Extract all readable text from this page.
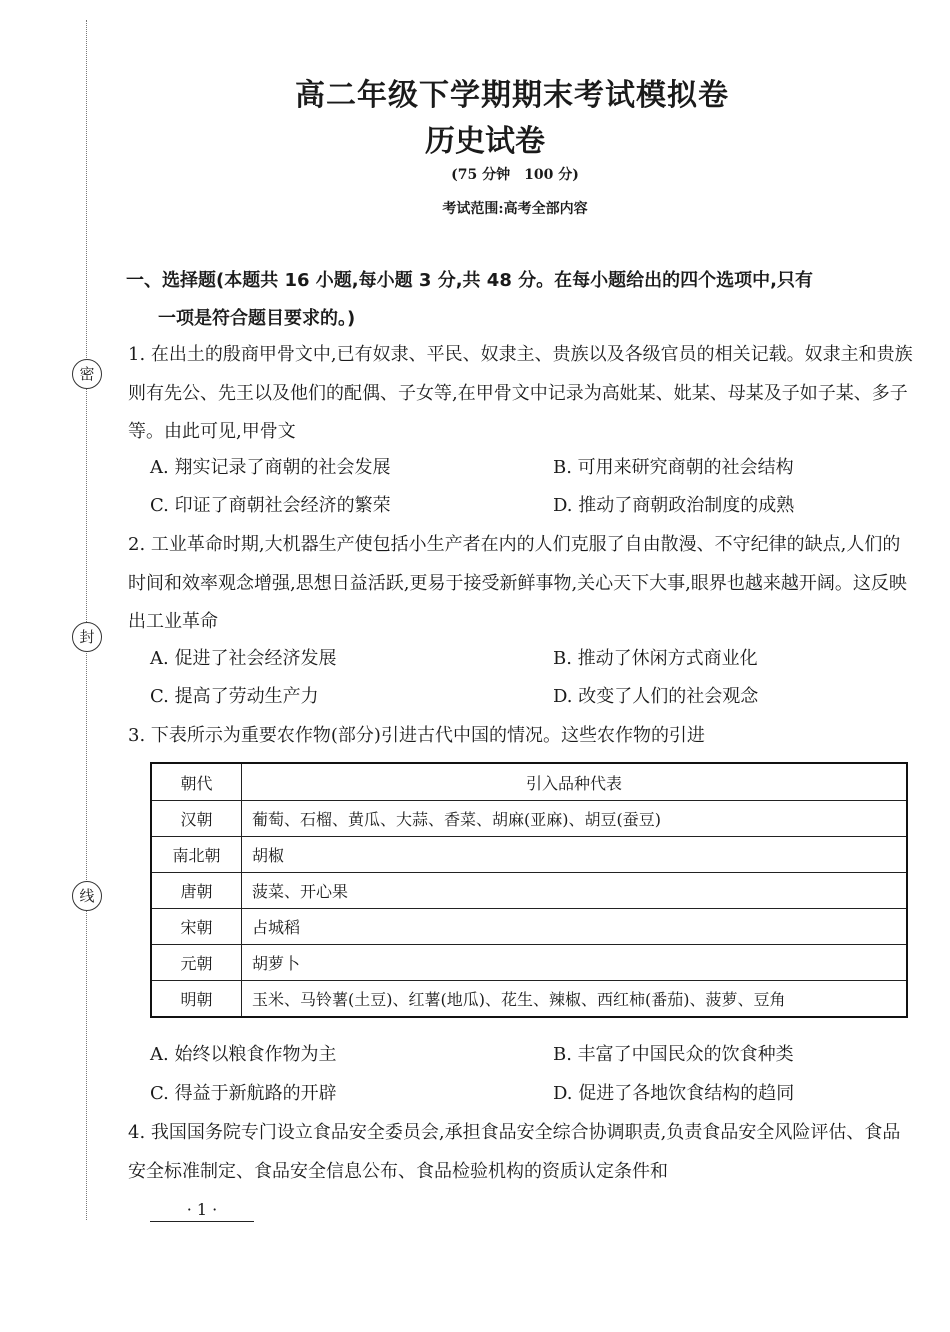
密
封
线
高二年级下学期期末考试模拟卷
历史试卷
(75 分钟　100 分)
考试范围:高考全部内容
一、选择题(本题共 16 小题,每小题 3 分,共 48 分。在每小题给出的四个选项中,只有
一项是符合题目要求的。)
1. 在出土的殷商甲骨文中,已有奴隶、平民、奴隶主、贵族以及各级官员的相关记载。奴隶主和贵族则有先公、先王以及他们的配偶、子女等,在甲骨文中记录为高妣某、妣某、母某及子如子某、多子等。由此可见,甲骨文
A. 翔实记录了商朝的社会发展	B. 可用来研究商朝的社会结构
C. 印证了商朝社会经济的繁荣	D. 推动了商朝政治制度的成熟
2. 工业革命时期,大机器生产使包括小生产者在内的人们克服了自由散漫、不守纪律的缺点,人们的时间和效率观念增强,思想日益活跃,更易于接受新鲜事物,关心天下大事,眼界也越来越开阔。这反映出工业革命
A. 促进了社会经济发展	B. 推动了休闲方式商业化
C. 提高了劳动生产力	D. 改变了人们的社会观念
3. 下表所示为重要农作物(部分)引进古代中国的情况。这些农作物的引进
朝代	引入品种代表
汉朝	葡萄、石榴、黄瓜、大蒜、香菜、胡麻(亚麻)、胡豆(蚕豆)
南北朝	胡椒
唐朝	菠菜、开心果
宋朝	占城稻
元朝	胡萝卜
明朝	玉米、马铃薯(土豆)、红薯(地瓜)、花生、辣椒、西红柿(番茄)、菠萝、豆角
A. 始终以粮食作物为主	B. 丰富了中国民众的饮食种类
C. 得益于新航路的开辟	D. 促进了各地饮食结构的趋同
4. 我国国务院专门设立食品安全委员会,承担食品安全综合协调职责,负责食品安全风险评估、食品安全标准制定、食品安全信息公布、食品检验机构的资质认定条件和
· 1 ·
